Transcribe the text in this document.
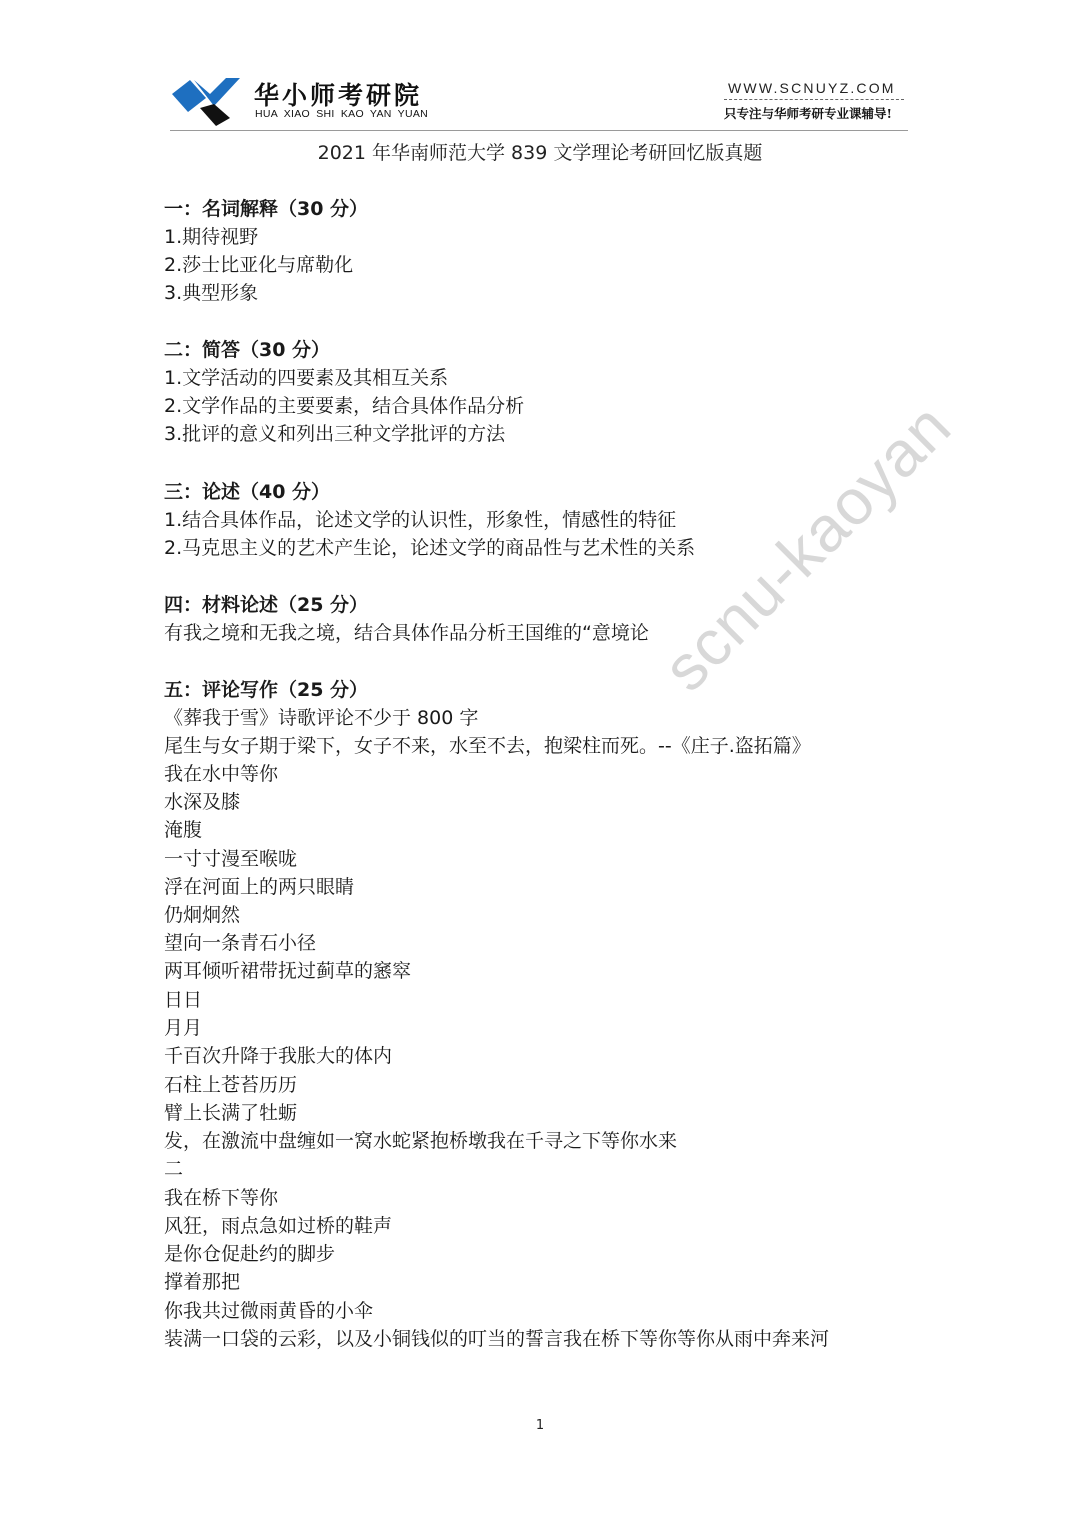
华小师考研院
HUA XIAO SHI KAO YAN YUAN
WWW.SCNUYZ.COM
只专注与华师考研专业课辅导!
2021 年华南师范大学 839 文学理论考研回忆版真题
scnu-kaoyan
一：名词解释（30 分）
1.期待视野
2.莎士比亚化与席勒化
3.典型形象
二：简答（30 分）
1.文学活动的四要素及其相互关系
2.文学作品的主要要素，结合具体作品分析
3.批评的意义和列出三种文学批评的方法
三：论述（40 分）
1.结合具体作品，论述文学的认识性，形象性，情感性的特征
2.马克思主义的艺术产生论，论述文学的商品性与艺术性的关系
四：材料论述（25 分）
有我之境和无我之境，结合具体作品分析王国维的“意境论
五：评论写作（25 分）
《葬我于雪》诗歌评论不少于 800 字
尾生与女子期于梁下，女子不来，水至不去，抱梁柱而死。--《庄子.盗拓篇》
我在水中等你
水深及膝
淹腹
一寸寸漫至喉咙
浮在河面上的两只眼睛
仍炯炯然
望向一条青石小径
两耳倾听裙带抚过蓟草的窸窣
日日
月月
千百次升降于我胀大的体内
石柱上苍苔历历
臂上长满了牡蛎
发，在激流中盘缠如一窝水蛇紧抱桥墩我在千寻之下等你水来
二
我在桥下等你
风狂，雨点急如过桥的鞋声
是你仓促赴约的脚步
撑着那把
你我共过微雨黄昏的小伞
装满一口袋的云彩，以及小铜钱似的叮当的誓言我在桥下等你等你从雨中奔来河
1
